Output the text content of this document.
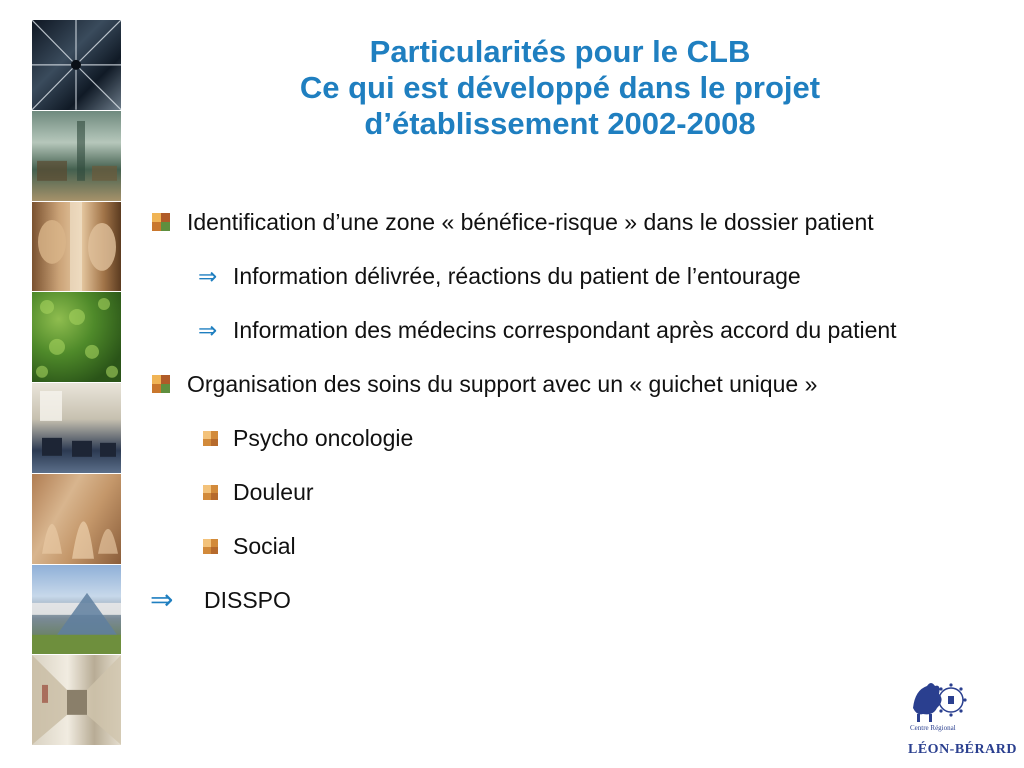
Particularités pour le CLB
Ce qui est développé dans le projet
d’établissement 2002-2008
Identification d’une zone « bénéfice-risque » dans le dossier patient
⇒ Information délivrée, réactions du patient de l’entourage
⇒ Information des médecins correspondant après accord du patient
Organisation des soins du support avec un « guichet unique »
Psycho oncologie
Douleur
Social
⇒ DISSPO
Centre Régional
LÉON-BÉRARD
